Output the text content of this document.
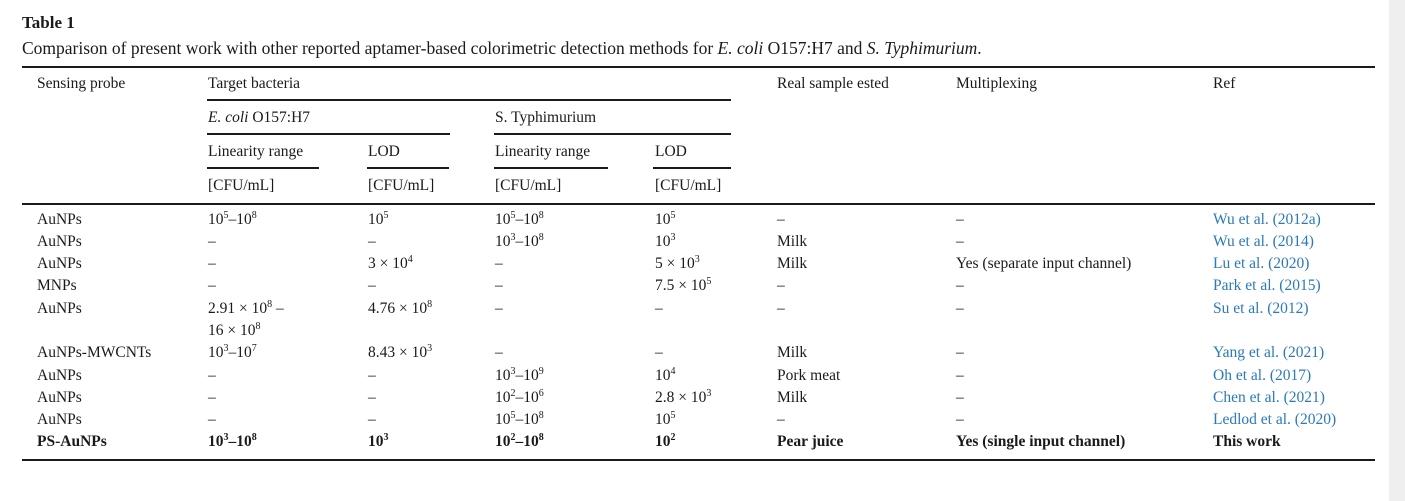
Table 1
Comparison of present work with other reported aptamer-based colorimetric detection methods for E. coli O157:H7 and S. Typhimurium.
Sensing probe	Target bacteria	Real sample ested	Multiplexing	Ref
E. coli O157:H7	S. Typhimurium
Linearity range	LOD	Linearity range	LOD
[CFU/mL]	[CFU/mL]	[CFU/mL]	[CFU/mL]
AuNPs	$10^5-10^8$	$10^5$	$10^5-10^8$	$10^5$	–	–	Wu et al. (2012a)
AuNPs	–	–	$10^3-10^8$	$10^3$	Milk	–	Wu et al. (2014)
AuNPs	–	$3 \times 10^4$	–	$5 \times 10^3$	Milk	Yes (separate input channel)	Lu et al. (2020)
MNPs	–	–	–	$7.5 \times 10^5$	–	–	Park et al. (2015)
AuNPs	$2.91 \times 10^8$ –	$4.76 \times 10^8$	–	–	–	–	Su et al. (2012)
$16 \times 10^8$
AuNPs-MWCNTs	$10^3-10^7$	$8.43 \times 10^3$	–	–	Milk	–	Yang et al. (2021)
AuNPs	–	–	$10^3-10^9$	$10^4$	Pork meat	–	Oh et al. (2017)
AuNPs	–	–	$10^2-10^6$	$2.8 \times 10^3$	Milk	–	Chen et al. (2021)
AuNPs	–	–	$10^5-10^8$	$10^5$	–	–	Ledlod et al. (2020)
PS-AuNPs	$10^3-10^8$	$10^3$	$10^2-10^8$	$10^2$	Pear juice	Yes (single input channel)	This work
